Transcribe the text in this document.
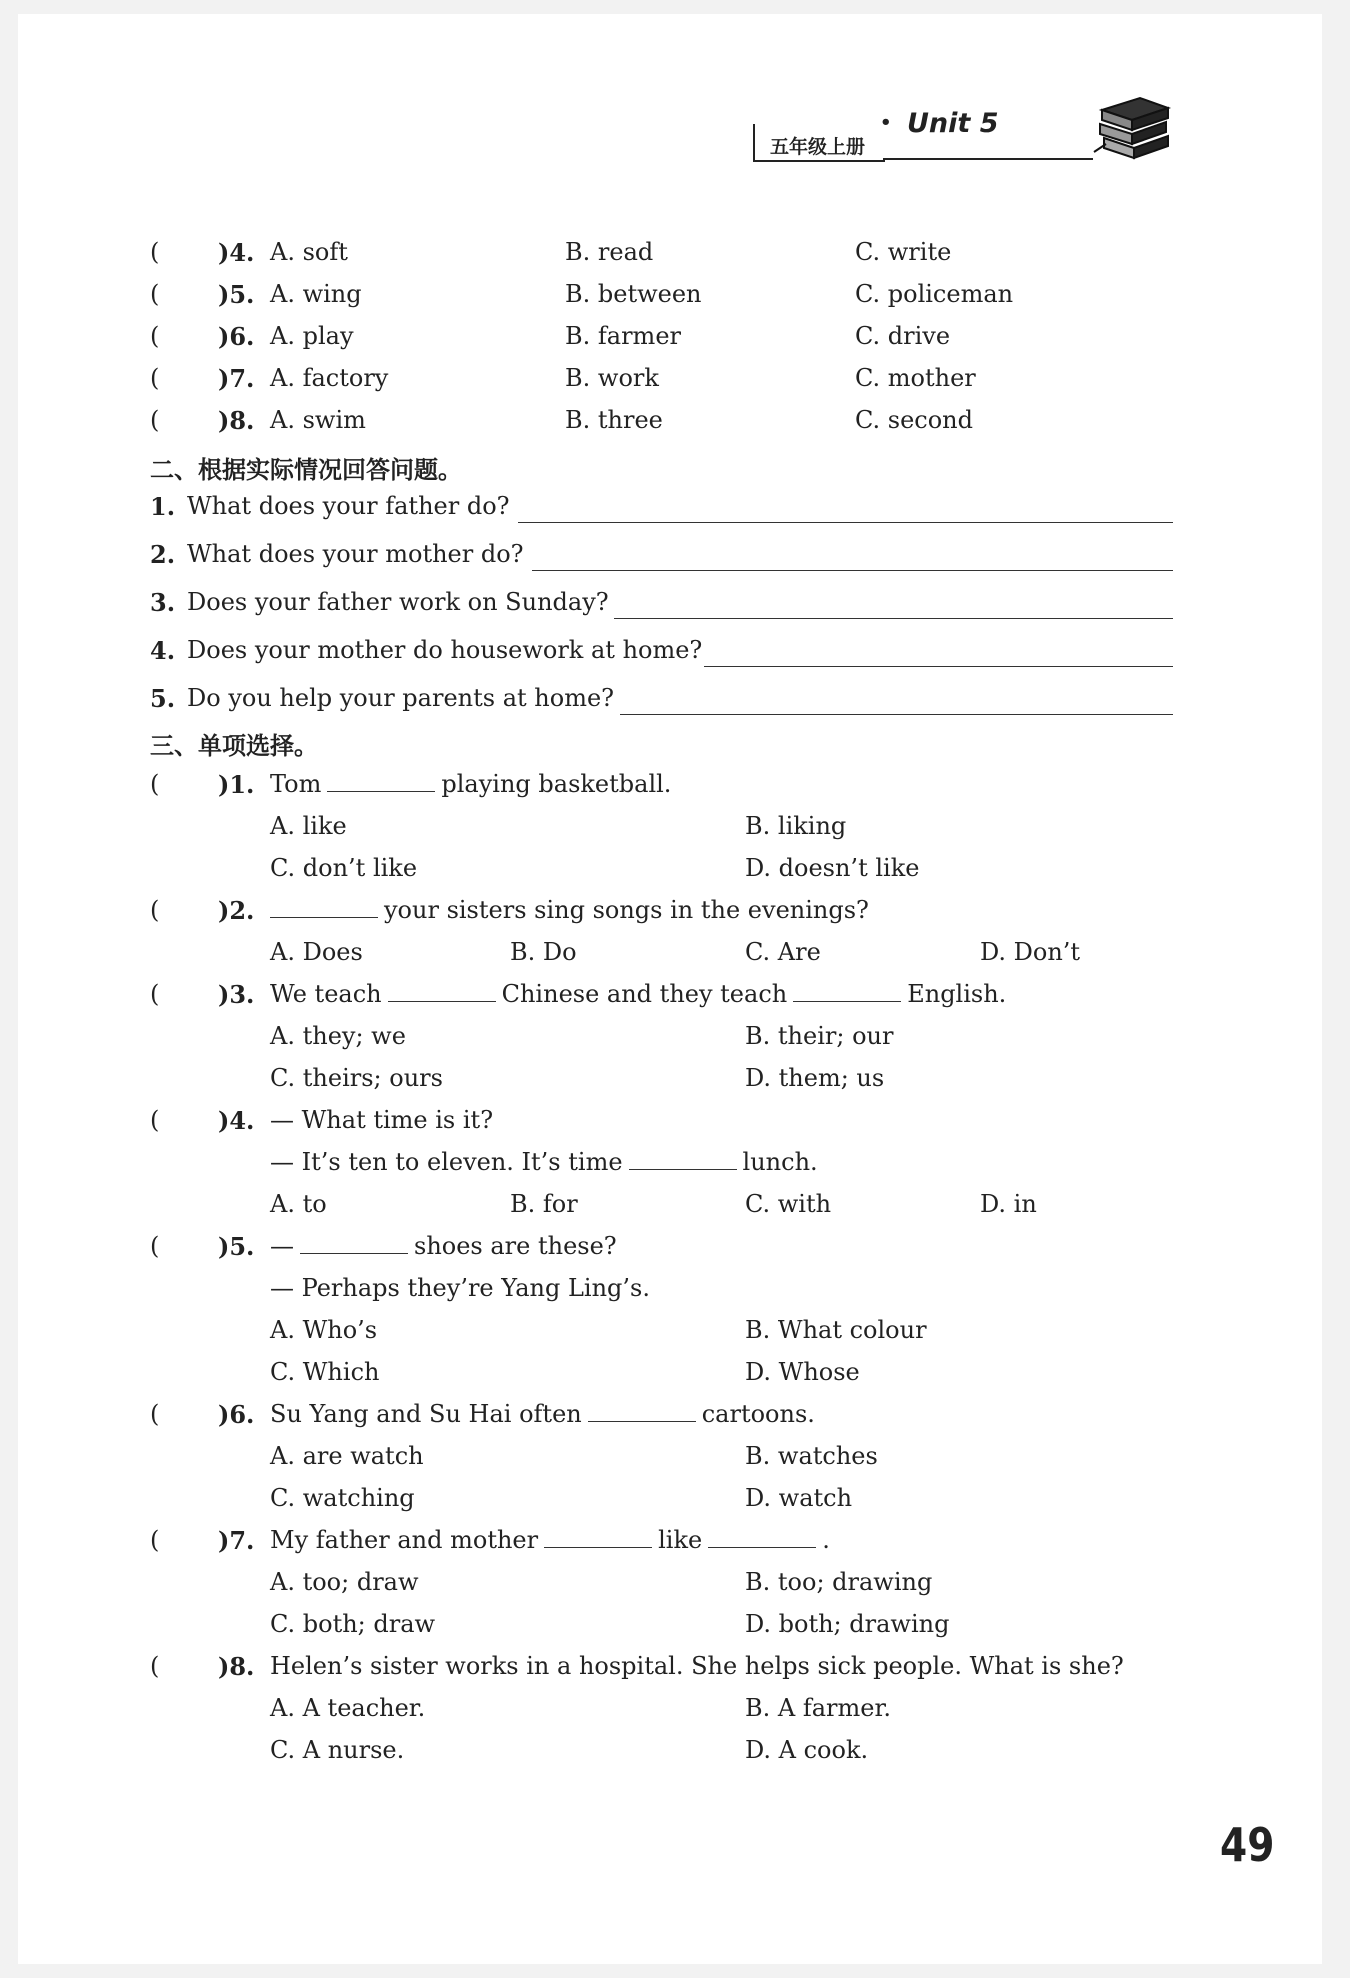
五年级上册
• Unit 5
( )4. A. soft	B. read	C. write
( )5. A. wing	B. between	C. policeman
( )6. A. play	B. farmer	C. drive
( )7. A. factory	B. work	C. mother
( )8. A. swim	B. three	C. second
二、根据实际情况回答问题。
1. What does your father do?
2. What does your mother do?
3. Does your father work on Sunday?
4. Does your mother do housework at home?
5. Do you help your parents at home?
三、单项选择。
( )1. Tom	playing basketball.
A. like	B. liking
C. don’t like	D. doesn’t like
( )2.	your sisters sing songs in the evenings?
A. Does	B. Do	C. Are	D. Don’t
( )3. We teach	Chinese and they teach	English.
A. they; we	B. their; our
C. theirs; ours	D. them; us
( )4. — What time is it?
— It’s ten to eleven. It’s time	lunch.
A. to	B. for	C. with	D. in
( )5. —	shoes are these?
— Perhaps they’re Yang Ling’s.
A. Who’s	B. What colour
C. Which	D. Whose
( )6. Su Yang and Su Hai often	cartoons.
A. are watch	B. watches
C. watching	D. watch
( )7. My father and mother	like	.
A. too; draw	B. too; drawing
C. both; draw	D. both; drawing
( )8. Helen’s sister works in a hospital. She helps sick people. What is she?
A. A teacher.	B. A farmer.
C. A nurse.	D. A cook.
49
